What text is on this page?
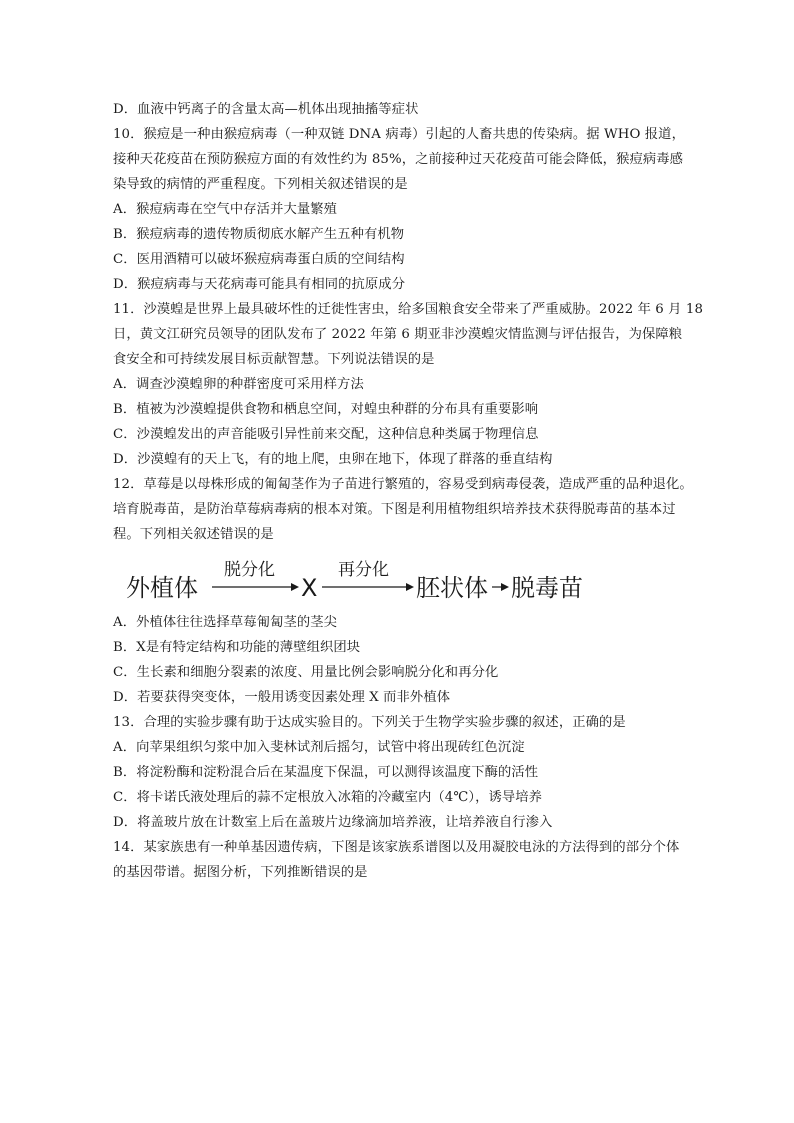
D．血液中钙离子的含量太高—机体出现抽搐等症状
10．猴痘是一种由猴痘病毒（一种双链 DNA 病毒）引起的人畜共患的传染病。据 WHO 报道，
接种天花疫苗在预防猴痘方面的有效性约为 85%，之前接种过天花疫苗可能会降低，猴痘病毒感
染导致的病情的严重程度。下列相关叙述错误的是
A．猴痘病毒在空气中存活并大量繁殖
B．猴痘病毒的遗传物质彻底水解产生五种有机物
C．医用酒精可以破坏猴痘病毒蛋白质的空间结构
D．猴痘病毒与天花病毒可能具有相同的抗原成分
11．沙漠蝗是世界上最具破坏性的迁徙性害虫，给多国粮食安全带来了严重威胁。2022 年 6 月 18
日，黄文江研究员领导的团队发布了 2022 年第 6 期亚非沙漠蝗灾情监测与评估报告，为保障粮
食安全和可持续发展目标贡献智慧。下列说法错误的是
A．调查沙漠蝗卵的种群密度可采用样方法
B．植被为沙漠蝗提供食物和栖息空间，对蝗虫种群的分布具有重要影响
C．沙漠蝗发出的声音能吸引异性前来交配，这种信息种类属于物理信息
D．沙漠蝗有的天上飞，有的地上爬，虫卵在地下，体现了群落的垂直结构
12．草莓是以母株形成的匍匐茎作为子苗进行繁殖的，容易受到病毒侵袭，造成严重的品种退化。
培育脱毒苗，是防治草莓病毒病的根本对策。下图是利用植物组织培养技术获得脱毒苗的基本过
程。下列相关叙述错误的是
外植体
脱分化
X
再分化
胚状体 脱毒苗
A．外植体往往选择草莓匍匐茎的茎尖
B．X是有特定结构和功能的薄壁组织团块
C．生长素和细胞分裂素的浓度、用量比例会影响脱分化和再分化
D．若要获得突变体，一般用诱变因素处理 X 而非外植体
13．合理的实验步骤有助于达成实验目的。下列关于生物学实验步骤的叙述，正确的是
A．向苹果组织匀浆中加入斐林试剂后摇匀，试管中将出现砖红色沉淀
B．将淀粉酶和淀粉混合后在某温度下保温，可以测得该温度下酶的活性
C．将卡诺氏液处理后的蒜不定根放入冰箱的冷藏室内（4℃），诱导培养
D．将盖玻片放在计数室上后在盖玻片边缘滴加培养液，让培养液自行渗入
14．某家族患有一种单基因遗传病，下图是该家族系谱图以及用凝胶电泳的方法得到的部分个体
的基因带谱。据图分析，下列推断错误的是
